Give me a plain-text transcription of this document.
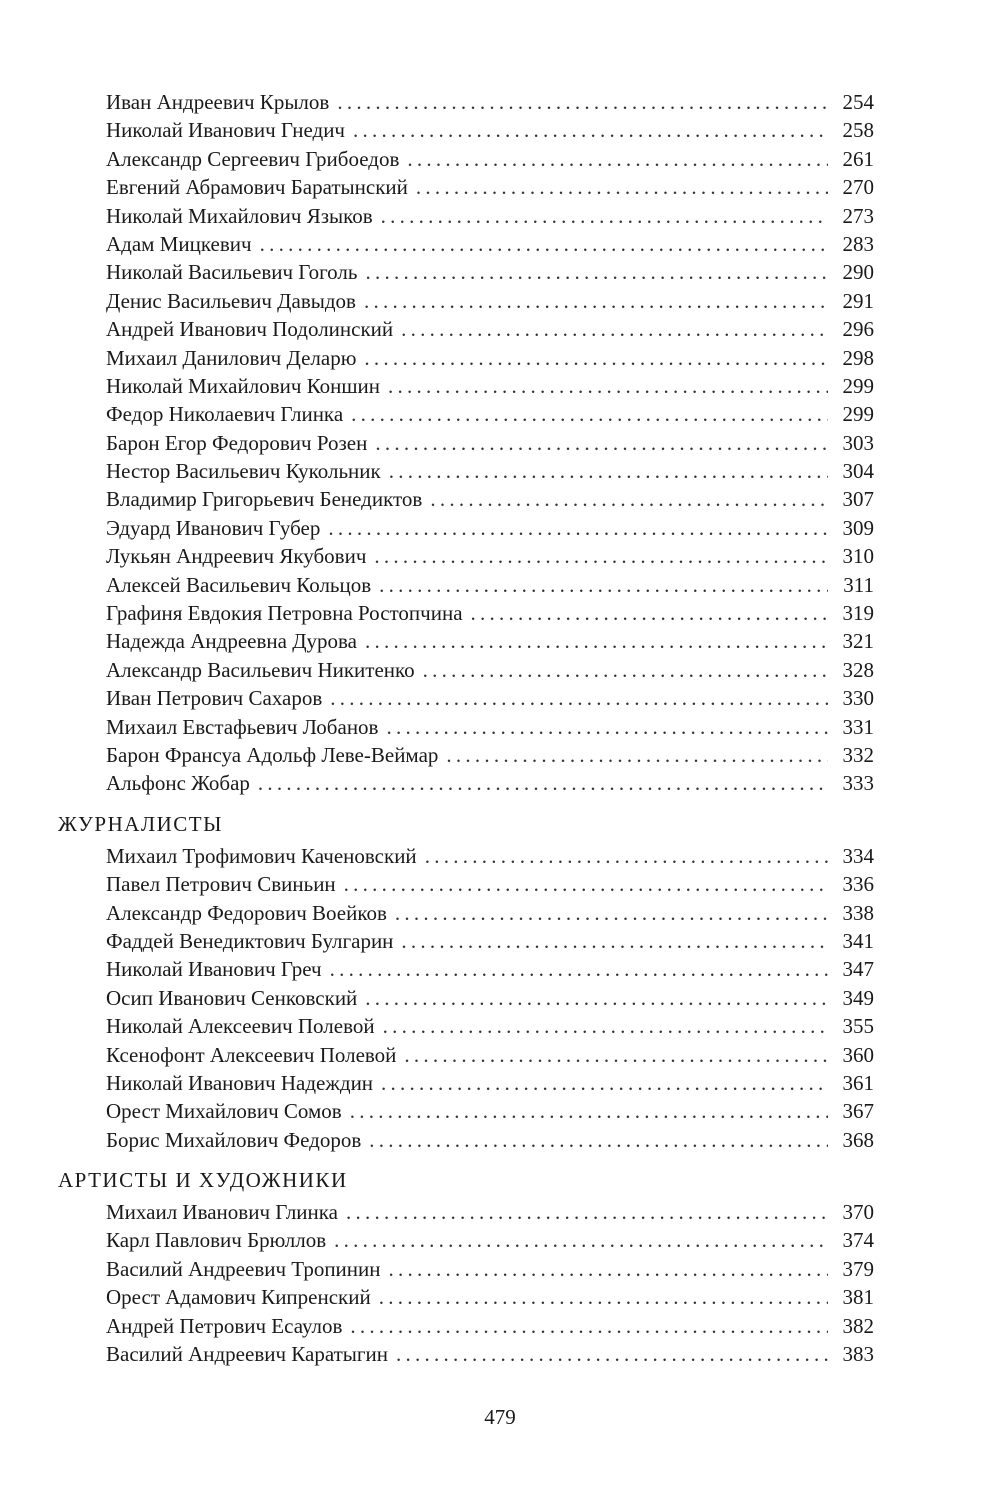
Иван Андреевич Крылов . . .	254
Николай Иванович Гнедич . . .	258
Александр Сергеевич Грибоедов . . .	261
Евгений Абрамович Баратынский . . .	270
Николай Михайлович Языков . . .	273
Адам Мицкевич . . .	283
Николай Васильевич Гоголь . . .	290
Денис Васильевич Давыдов . . .	291
Андрей Иванович Подолинский . . .	296
Михаил Данилович Деларю . . .	298
Николай Михайлович Коншин . . .	299
Федор Николаевич Глинка . . .	299
Барон Егор Федорович Розен . . .	303
Нестор Васильевич Кукольник . . .	304
Владимир Григорьевич Бенедиктов . . .	307
Эдуард Иванович Губер . . .	309
Лукьян Андреевич Якубович . . .	310
Алексей Васильевич Кольцов . . .	311
Графиня Евдокия Петровна Ростопчина . . .	319
Надежда Андреевна Дурова . . .	321
Александр Васильевич Никитенко . . .	328
Иван Петрович Сахаров . . .	330
Михаил Евстафьевич Лобанов . . .	331
Барон Франсуа Адольф Леве-Веймар . . .	332
Альфонс Жобар . . .	333
ЖУРНАЛИСТЫ
Михаил Трофимович Каченовский . . .	334
Павел Петрович Свиньин . . .	336
Александр Федорович Воейков . . .	338
Фаддей Венедиктович Булгарин . . .	341
Николай Иванович Греч . . .	347
Осип Иванович Сенковский . . .	349
Николай Алексеевич Полевой . . .	355
Ксенофонт Алексеевич Полевой . . .	360
Николай Иванович Надеждин . . .	361
Орест Михайлович Сомов . . .	367
Борис Михайлович Федоров . . .	368
АРТИСТЫ И ХУДОЖНИКИ
Михаил Иванович Глинка . . .	370
Карл Павлович Брюллов . . .	374
Василий Андреевич Тропинин . . .	379
Орест Адамович Кипренский . . .	381
Андрей Петрович Есаулов . . .	382
Василий Андреевич Каратыгин . . .	383
479
